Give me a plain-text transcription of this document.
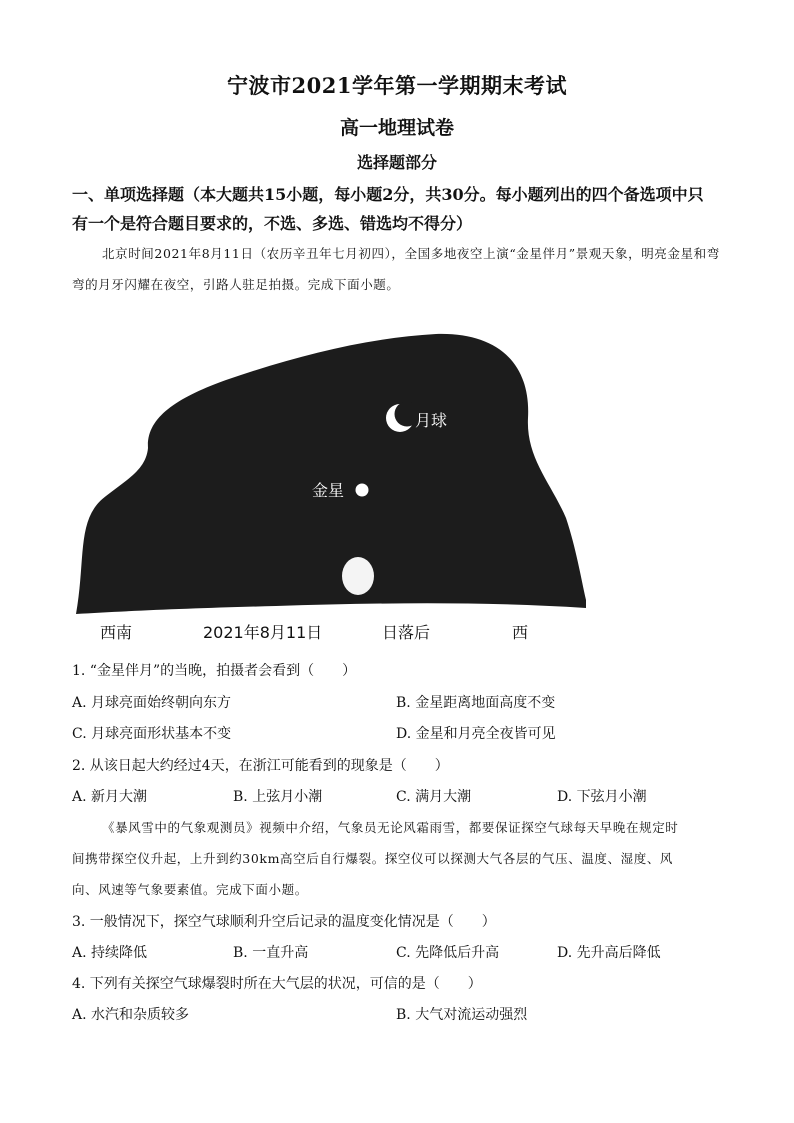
宁波市2021学年第一学期期末考试
高一地理试卷
选择题部分
一、单项选择题（本大题共15小题，每小题2分，共30分。每小题列出的四个备选项中只
有一个是符合题目要求的，不选、多选、错选均不得分）
北京时间2021年8月11日（农历辛丑年七月初四），全国多地夜空上演“金星伴月”景观天象，明亮金星和弯弯的月牙闪耀在夜空，引路人驻足拍摄。完成下面小题。
月球
金星
西南	2021年8月11日	日落后	西
1. “金星伴月”的当晚，拍摄者会看到（　　）
A. 月球亮面始终朝向东方	B. 金星距离地面高度不变
C. 月球亮面形状基本不变	D. 金星和月亮全夜皆可见
2. 从该日起大约经过4天，在浙江可能看到的现象是（　　）
A. 新月大潮	B. 上弦月小潮	C. 满月大潮	D. 下弦月小潮
《暴风雪中的气象观测员》视频中介绍，气象员无论风霜雨雪，都要保证探空气球每天早晚在规定时
间携带探空仪升起，上升到约30km高空后自行爆裂。探空仪可以探测大气各层的气压、温度、湿度、风
向、风速等气象要素值。完成下面小题。
3. 一般情况下，探空气球顺利升空后记录的温度变化情况是（　　）
A. 持续降低	B. 一直升高	C. 先降低后升高	D. 先升高后降低
4. 下列有关探空气球爆裂时所在大气层的状况，可信的是（　　）
A. 水汽和杂质较多	B. 大气对流运动强烈
